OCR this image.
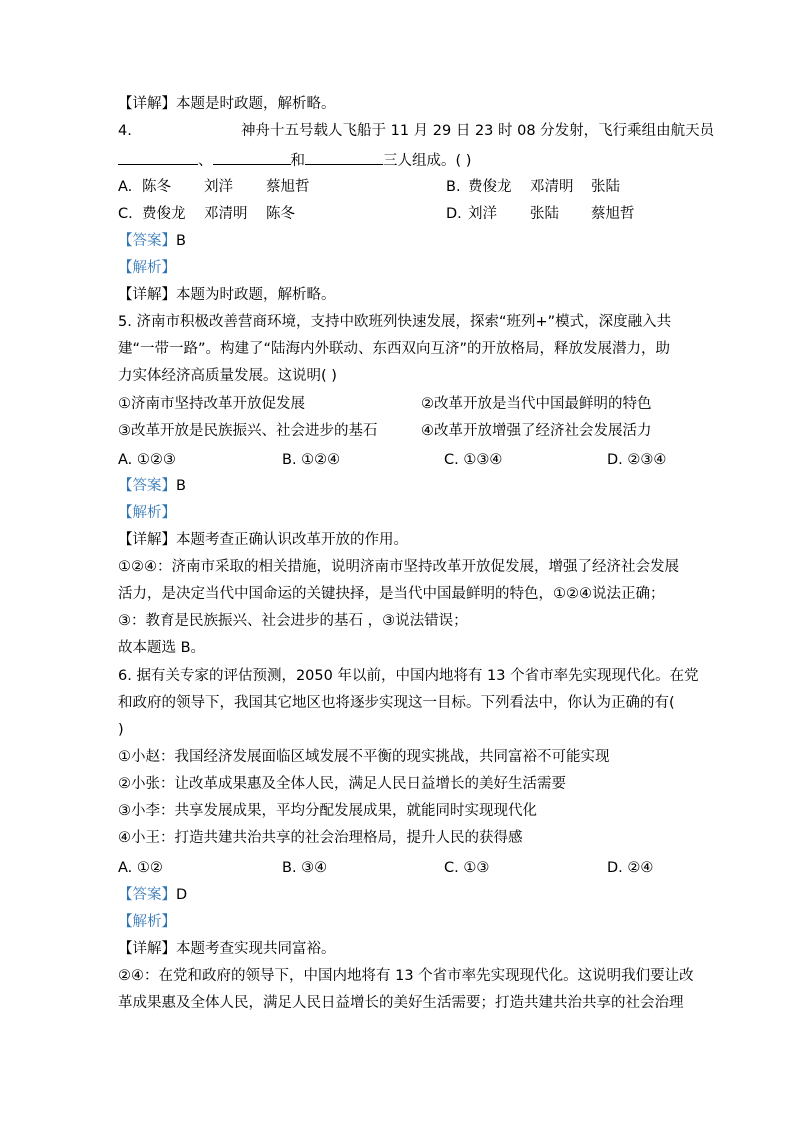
【详解】本题是时政题，解析略。
4.	神舟十五号载人飞船于 11 月 29 日 23 时 08 分发射，飞行乘组由航天员
、	和	三人组成。( )
A. 陈冬 刘洋 蔡旭哲	B. 费俊龙 邓清明 张陆
C. 费俊龙 邓清明 陈冬	D. 刘洋 张陆 蔡旭哲
【答案】B
【解析】
【详解】本题为时政题，解析略。
5. 济南市积极改善营商环境，支持中欧班列快速发展，探索“班列+”模式，深度融入共
建“一带一路”。构建了“陆海内外联动、东西双向互济”的开放格局，释放发展潜力，助
力实体经济高质量发展。这说明( )
①济南市坚持改革开放促发展	②改革开放是当代中国最鲜明的特色
③改革开放是民族振兴、社会进步的基石	④改革开放增强了经济社会发展活力
A. ①②③	B. ①②④	C. ①③④	D. ②③④
【答案】B
【解析】
【详解】本题考查正确认识改革开放的作用。
①②④：济南市采取的相关措施，说明济南市坚持改革开放促发展，增强了经济社会发展
活力，是决定当代中国命运的关键抉择，是当代中国最鲜明的特色，①②④说法正确；
③：教育是民族振兴、社会进步的基石 ，③说法错误；
故本题选 B。
6. 据有关专家的评估预测，2050 年以前，中国内地将有 13 个省市率先实现现代化。在党
和政府的领导下，我国其它地区也将逐步实现这一目标。下列看法中，你认为正确的有(
)
①小赵：我国经济发展面临区域发展不平衡的现实挑战，共同富裕不可能实现
②小张：让改革成果惠及全体人民，满足人民日益增长的美好生活需要
③小李：共享发展成果，平均分配发展成果，就能同时实现现代化
④小王：打造共建共治共享的社会治理格局，提升人民的获得感
A. ①②	B. ③④	C. ①③	D. ②④
【答案】D
【解析】
【详解】本题考查实现共同富裕。
②④：在党和政府的领导下，中国内地将有 13 个省市率先实现现代化。这说明我们要让改
革成果惠及全体人民，满足人民日益增长的美好生活需要；打造共建共治共享的社会治理
